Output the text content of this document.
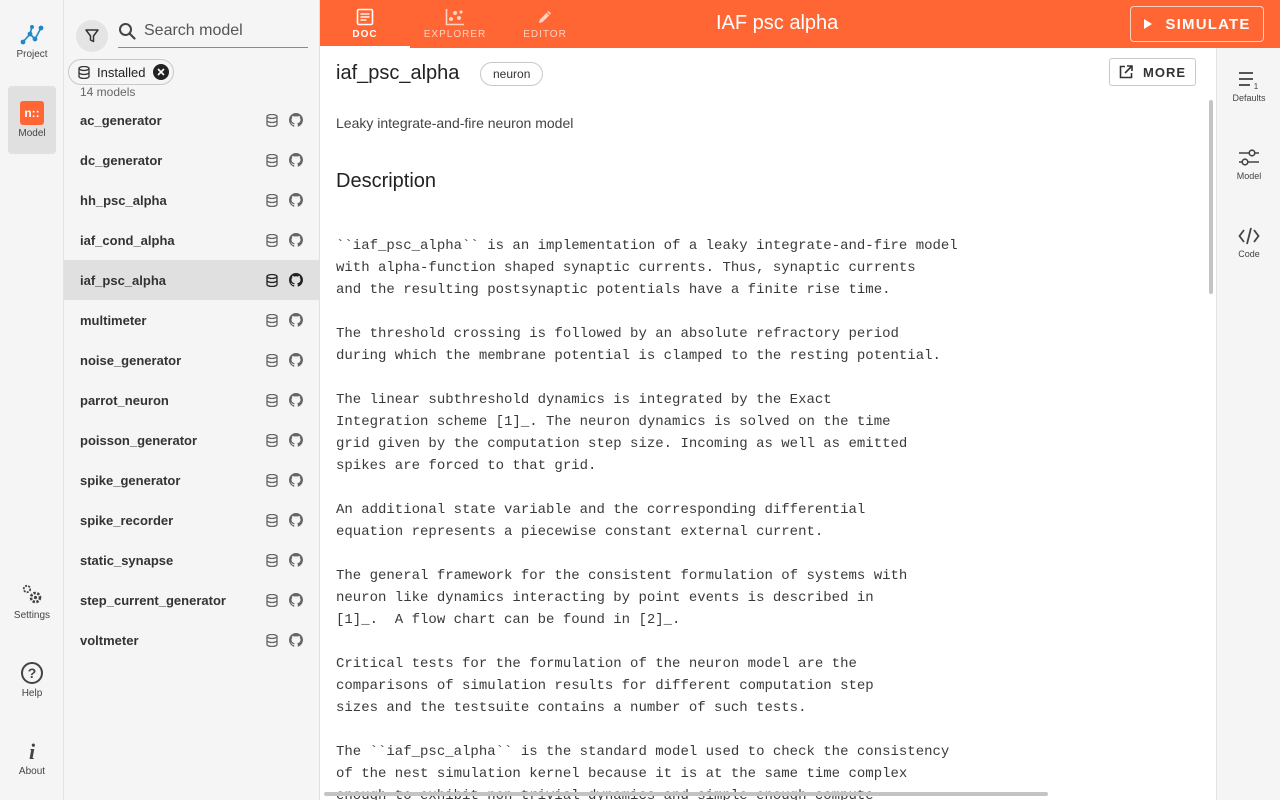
Project
n::
Model
Settings
?
Help
i
About
Search model
Installed
14 models
ac_generator
dc_generator
hh_psc_alpha
iaf_cond_alpha
iaf_psc_alpha
multimeter
noise_generator
parrot_neuron
poisson_generator
spike_generator
spike_recorder
static_synapse
step_current_generator
voltmeter
DOC	EXPLORER	EDITOR
IAF psc alpha	SIMULATE
iaf_psc_alpha	neuron	MORE
Leaky integrate-and-fire neuron model
Description
``iaf_psc_alpha`` is an implementation of a leaky integrate-and-fire model
with alpha-function shaped synaptic currents. Thus, synaptic currents
and the resulting postsynaptic potentials have a finite rise time.

The threshold crossing is followed by an absolute refractory period
during which the membrane potential is clamped to the resting potential.

The linear subthreshold dynamics is integrated by the Exact
Integration scheme [1]_. The neuron dynamics is solved on the time
grid given by the computation step size. Incoming as well as emitted
spikes are forced to that grid.

An additional state variable and the corresponding differential
equation represents a piecewise constant external current.

The general framework for the consistent formulation of systems with
neuron like dynamics interacting by point events is described in
[1]_.  A flow chart can be found in [2]_.

Critical tests for the formulation of the neuron model are the
comparisons of simulation results for different computation step
sizes and the testsuite contains a number of such tests.

The ``iaf_psc_alpha`` is the standard model used to check the consistency
of the nest simulation kernel because it is at the same time complex

1
Defaults
Model
Code
